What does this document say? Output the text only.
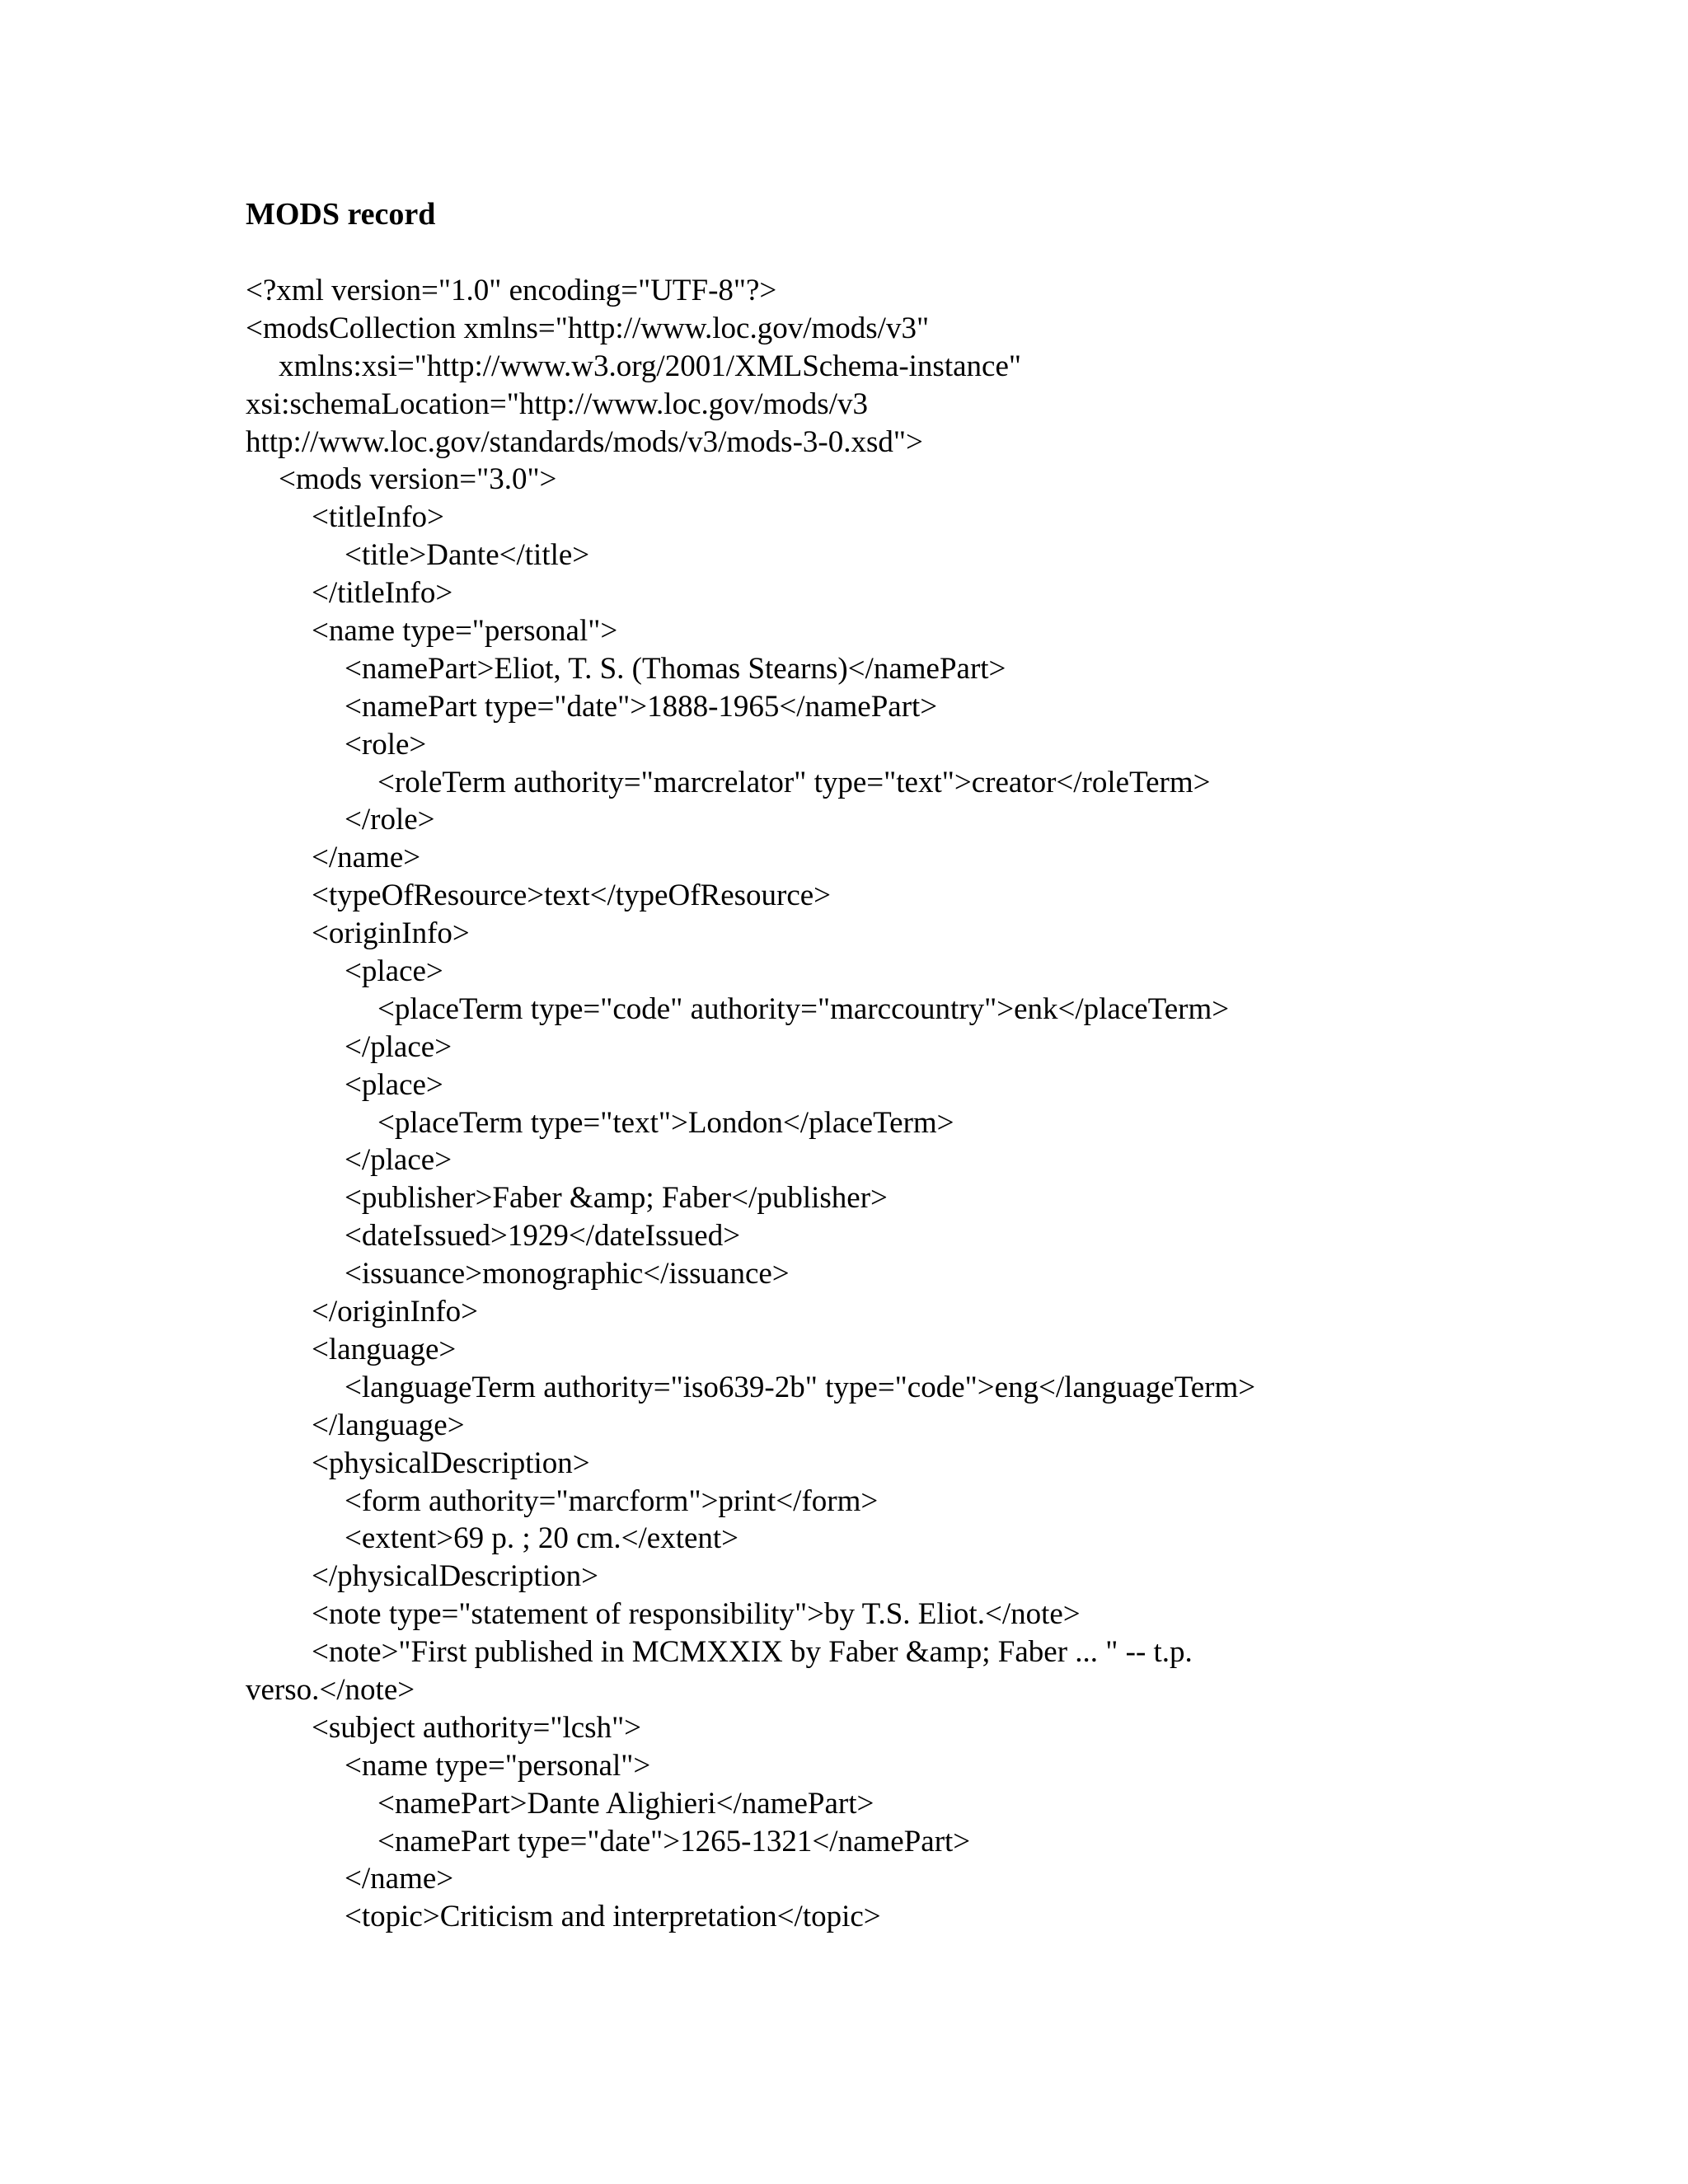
MODS record
<?xml version="1.0" encoding="UTF-8"?>
<modsCollection xmlns="http://www.loc.gov/mods/v3"
xmlns:xsi="http://www.w3.org/2001/XMLSchema-instance"
xsi:schemaLocation="http://www.loc.gov/mods/v3
http://www.loc.gov/standards/mods/v3/mods-3-0.xsd">
<mods version="3.0">
<titleInfo>
<title>Dante</title>
</titleInfo>
<name type="personal">
<namePart>Eliot, T. S. (Thomas Stearns)</namePart>
<namePart type="date">1888-1965</namePart>
<role>
<roleTerm authority="marcrelator" type="text">creator</roleTerm>
</role>
</name>
<typeOfResource>text</typeOfResource>
<originInfo>
<place>
<placeTerm type="code" authority="marccountry">enk</placeTerm>
</place>
<place>
<placeTerm type="text">London</placeTerm>
</place>
<publisher>Faber &amp; Faber</publisher>
<dateIssued>1929</dateIssued>
<issuance>monographic</issuance>
</originInfo>
<language>
<languageTerm authority="iso639-2b" type="code">eng</languageTerm>
</language>
<physicalDescription>
<form authority="marcform">print</form>
<extent>69 p. ; 20 cm.</extent>
</physicalDescription>
<note type="statement of responsibility">by T.S. Eliot.</note>
<note>"First published in MCMXXIX by Faber &amp; Faber ... " -- t.p.
verso.</note>
<subject authority="lcsh">
<name type="personal">
<namePart>Dante Alighieri</namePart>
<namePart type="date">1265-1321</namePart>
</name>
<topic>Criticism and interpretation</topic>
